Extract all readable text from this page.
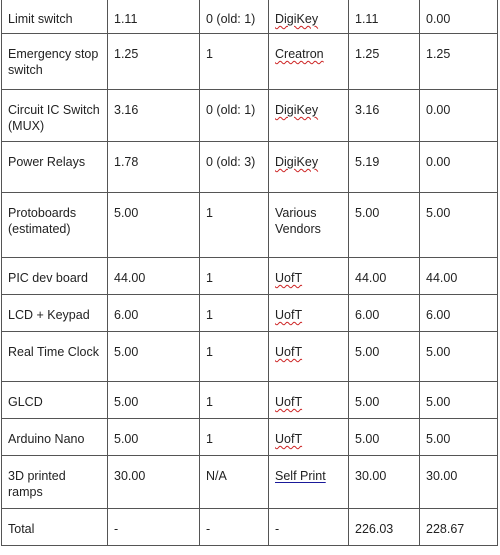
Limit switch	1.11	0 (old: 1)	DigiKey	1.11	0.00
Emergency stop switch	1.25	1	Creatron	1.25	1.25
Circuit IC Switch (MUX)	3.16	0 (old: 1)	DigiKey	3.16	0.00
Power Relays	1.78	0 (old: 3)	DigiKey	5.19	0.00
Protoboards (estimated)	5.00	1	Various Vendors	5.00	5.00
PIC dev board	44.00	1	UofT	44.00	44.00
LCD + Keypad	6.00	1	UofT	6.00	6.00
Real Time Clock	5.00	1	UofT	5.00	5.00
GLCD	5.00	1	UofT	5.00	5.00
Arduino Nano	5.00	1	UofT	5.00	5.00
3D printed ramps	30.00	N/A	Self Print	30.00	30.00
Total	-	-	-	226.03	228.67
